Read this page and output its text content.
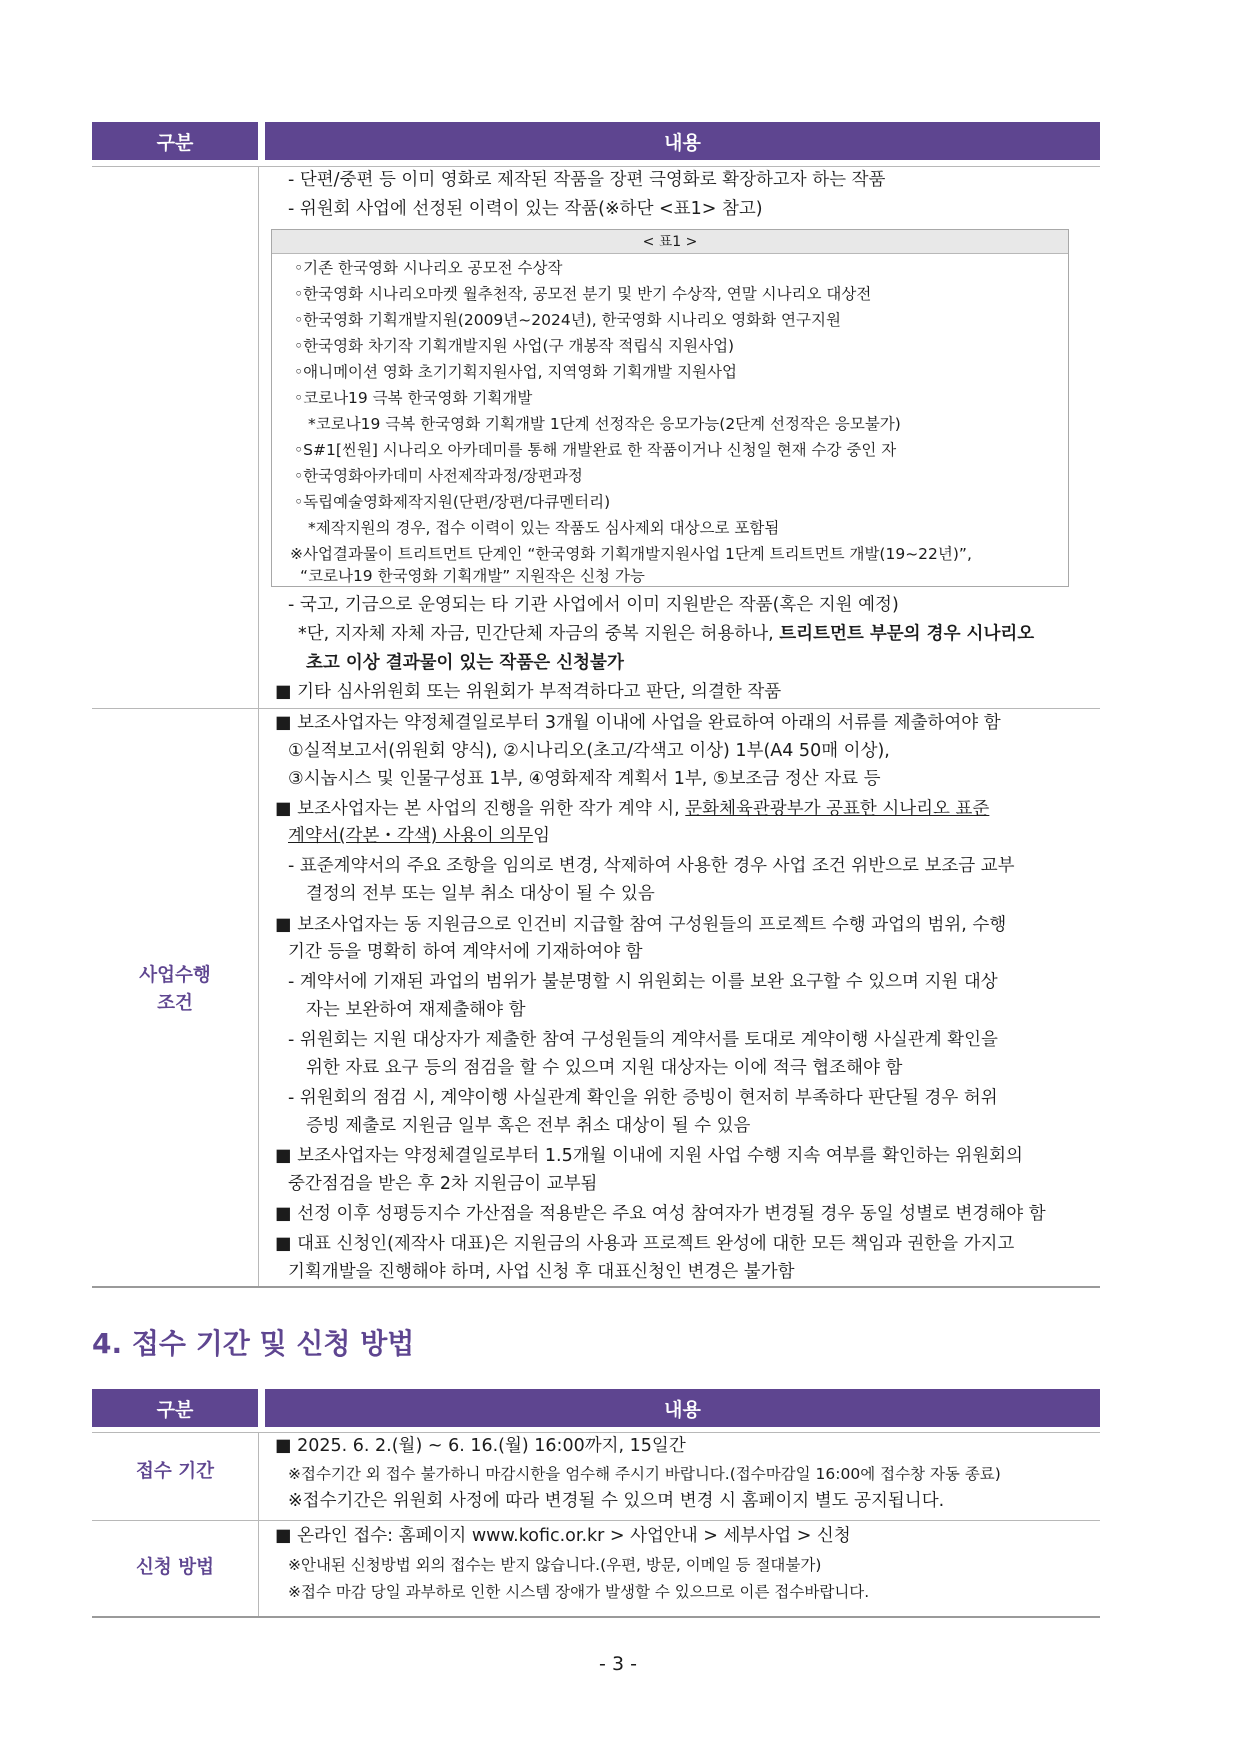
구분	내용
- 단편/중편 등 이미 영화로 제작된 작품을 장편 극영화로 확장하고자 하는 작품
- 위원회 사업에 선정된 이력이 있는 작품(※하단 <표1> 참고)
< 표1 >
◦기존 한국영화 시나리오 공모전 수상작
◦한국영화 시나리오마켓 월추천작, 공모전 분기 및 반기 수상작, 연말 시나리오 대상전
◦한국영화 기획개발지원(2009년~2024년), 한국영화 시나리오 영화화 연구지원
◦한국영화 차기작 기획개발지원 사업(구 개봉작 적립식 지원사업)
◦애니메이션 영화 초기기획지원사업, 지역영화 기획개발 지원사업
◦코로나19 극복 한국영화 기획개발
*코로나19 극복 한국영화 기획개발 1단계 선정작은 응모가능(2단계 선정작은 응모불가)
◦S#1[씬원] 시나리오 아카데미를 통해 개발완료 한 작품이거나 신청일 현재 수강 중인 자
◦한국영화아카데미 사전제작과정/장편과정
◦독립예술영화제작지원(단편/장편/다큐멘터리)
*제작지원의 경우, 접수 이력이 있는 작품도 심사제외 대상으로 포함됨
※사업결과물이 트리트먼트 단계인 “한국영화 기획개발지원사업 1단계 트리트먼트 개발(19~22년)”,
“코로나19 한국영화 기획개발” 지원작은 신청 가능
- 국고, 기금으로 운영되는 타 기관 사업에서 이미 지원받은 작품(혹은 지원 예정)
*단, 지자체 자체 자금, 민간단체 자금의 중복 지원은 허용하나, 트리트먼트 부문의 경우 시나리오
초고 이상 결과물이 있는 작품은 신청불가
■ 기타 심사위원회 또는 위원회가 부적격하다고 판단, 의결한 작품
사업수행
조건
■ 보조사업자는 약정체결일로부터 3개월 이내에 사업을 완료하여 아래의 서류를 제출하여야 함
①실적보고서(위원회 양식), ②시나리오(초고/각색고 이상) 1부(A4 50매 이상),
③시놉시스 및 인물구성표 1부, ④영화제작 계획서 1부, ⑤보조금 정산 자료 등
■ 보조사업자는 본 사업의 진행을 위한 작가 계약 시, 문화체육관광부가 공표한 시나리오 표준
계약서(각본・각색) 사용이 의무임
- 표준계약서의 주요 조항을 임의로 변경, 삭제하여 사용한 경우 사업 조건 위반으로 보조금 교부
결정의 전부 또는 일부 취소 대상이 될 수 있음
■ 보조사업자는 동 지원금으로 인건비 지급할 참여 구성원들의 프로젝트 수행 과업의 범위, 수행
기간 등을 명확히 하여 계약서에 기재하여야 함
- 계약서에 기재된 과업의 범위가 불분명할 시 위원회는 이를 보완 요구할 수 있으며 지원 대상
자는 보완하여 재제출해야 함
- 위원회는 지원 대상자가 제출한 참여 구성원들의 계약서를 토대로 계약이행 사실관계 확인을
위한 자료 요구 등의 점검을 할 수 있으며 지원 대상자는 이에 적극 협조해야 함
- 위원회의 점검 시, 계약이행 사실관계 확인을 위한 증빙이 현저히 부족하다 판단될 경우 허위
증빙 제출로 지원금 일부 혹은 전부 취소 대상이 될 수 있음
■ 보조사업자는 약정체결일로부터 1.5개월 이내에 지원 사업 수행 지속 여부를 확인하는 위원회의
중간점검을 받은 후 2차 지원금이 교부됨
■ 선정 이후 성평등지수 가산점을 적용받은 주요 여성 참여자가 변경될 경우 동일 성별로 변경해야 함
■ 대표 신청인(제작사 대표)은 지원금의 사용과 프로젝트 완성에 대한 모든 책임과 권한을 가지고
기획개발을 진행해야 하며, 사업 신청 후 대표신청인 변경은 불가함
4. 접수 기간 및 신청 방법
구분	내용
접수 기간
■ 2025. 6. 2.(월) ~ 6. 16.(월) 16:00까지, 15일간
※접수기간 외 접수 불가하니 마감시한을 엄수해 주시기 바랍니다.(접수마감일 16:00에 접수창 자동 종료)
※접수기간은 위원회 사정에 따라 변경될 수 있으며 변경 시 홈페이지 별도 공지됩니다.
신청 방법
■ 온라인 접수: 홈페이지 www.kofic.or.kr > 사업안내 > 세부사업 > 신청
※안내된 신청방법 외의 접수는 받지 않습니다.(우편, 방문, 이메일 등 절대불가)
※접수 마감 당일 과부하로 인한 시스템 장애가 발생할 수 있으므로 이른 접수바랍니다.
- 3 -
